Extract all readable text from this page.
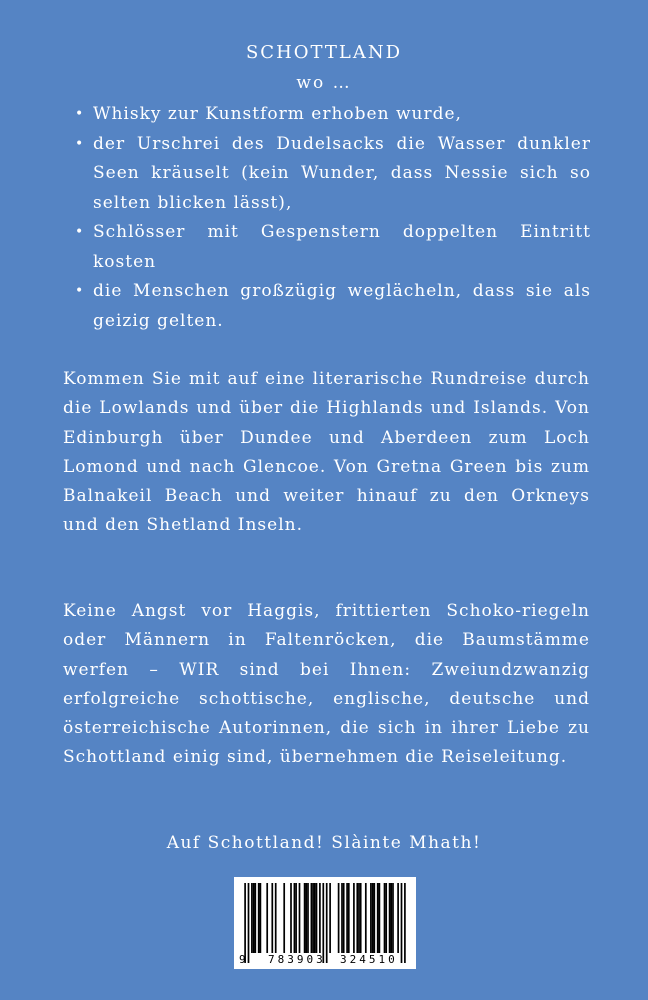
SCHOTTLAND
wo …
• Whisky zur Kunstform erhoben wurde,
• der Urschrei des Dudelsacks die Wasser dunkler Seen kräuselt (kein Wunder, dass Nessie sich so selten blicken lässt),
• Schlösser mit Gespenstern doppelten Eintritt kosten
• die Menschen großzügig weglächeln, dass sie als geizig gelten.

Kommen Sie mit auf eine literarische Rundreise durch die Lowlands und über die Highlands und Islands. Von Edinburgh über Dundee und Aberdeen zum Loch Lomond und nach Glencoe. Von Gretna Green bis zum Balnakeil Beach und weiter hinauf zu den Orkneys und den Shetland Inseln.

Keine Angst vor Haggis, frittierten Schoko-riegeln oder Männern in Faltenröcken, die Baumstämme werfen – WIR sind bei Ihnen: Zweiundzwanzig erfolgreiche schottische, englische, deutsche und österreichische Autorinnen, die sich in ihrer Liebe zu Schottland einig sind, übernehmen die Reiseleitung.

Auf Schottland! Slàinte Mhath!
9 783903 324510
